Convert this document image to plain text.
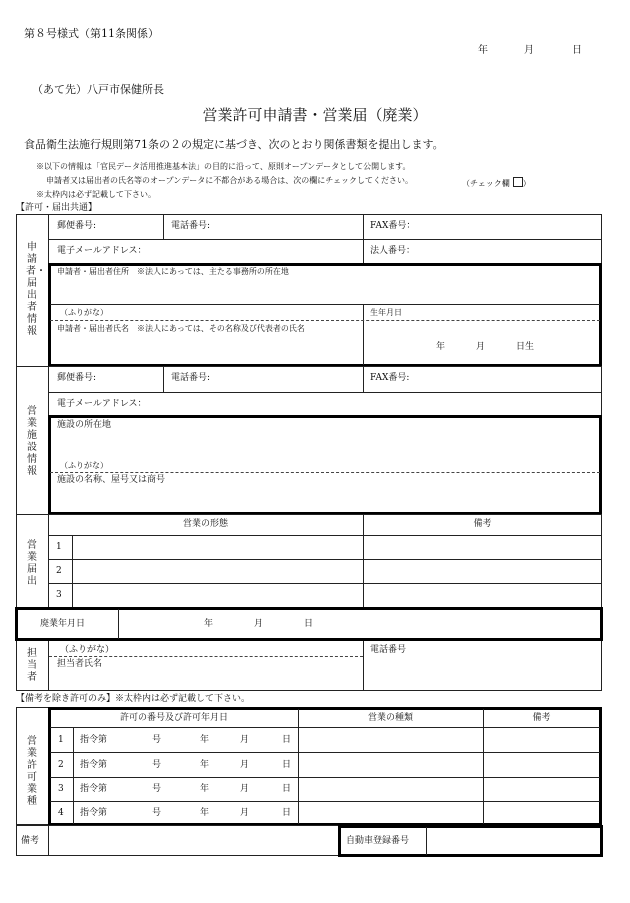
第８号様式（第11条関係）
年	月	日
（あて先）八戸市保健所長
営業許可申請書・営業届（廃業）
食品衛生法施行規則第71条の２の規定に基づき、次のとおり関係書類を提出します。
※以下の情報は「官民データ活用推進基本法」の目的に沿って、原則オープンデータとして公開します。
申請者又は届出者の氏名等のオープンデータに不都合がある場合は、次の欄にチェックしてください。	（チェック欄 ）
※太枠内は必ず記載して下さい。
【許可・届出共通】
申請者・届出者情報
郵便番号:	電話番号:	FAX番号：
電子メールアドレス：	法人番号：
申請者・届出者住所　※法人にあっては、主たる事務所の所在地
（ふりがな）	生年月日
申請者・届出者氏名　※法人にあっては、その名称及び代表者の氏名
年	月	日生
営業施設情報
郵便番号:	電話番号:	FAX番号:
電子メールアドレス：
施設の所在地
（ふりがな）
施設の名称、屋号又は商号
営業届出
営業の形態	備考
1
2
3
廃業年月日	年	月	日
担当者
（ふりがな）	電話番号
担当者氏名
【備考を除き許可のみ】※太枠内は必ず記載して下さい。
営業許可業種
許可の番号及び許可年月日	営業の種類	備考
1 指令第	号	年	月	日
2 指令第	号	年	月	日
3 指令第	号	年	月	日
4 指令第	号	年	月	日
備考	自動車登録番号
